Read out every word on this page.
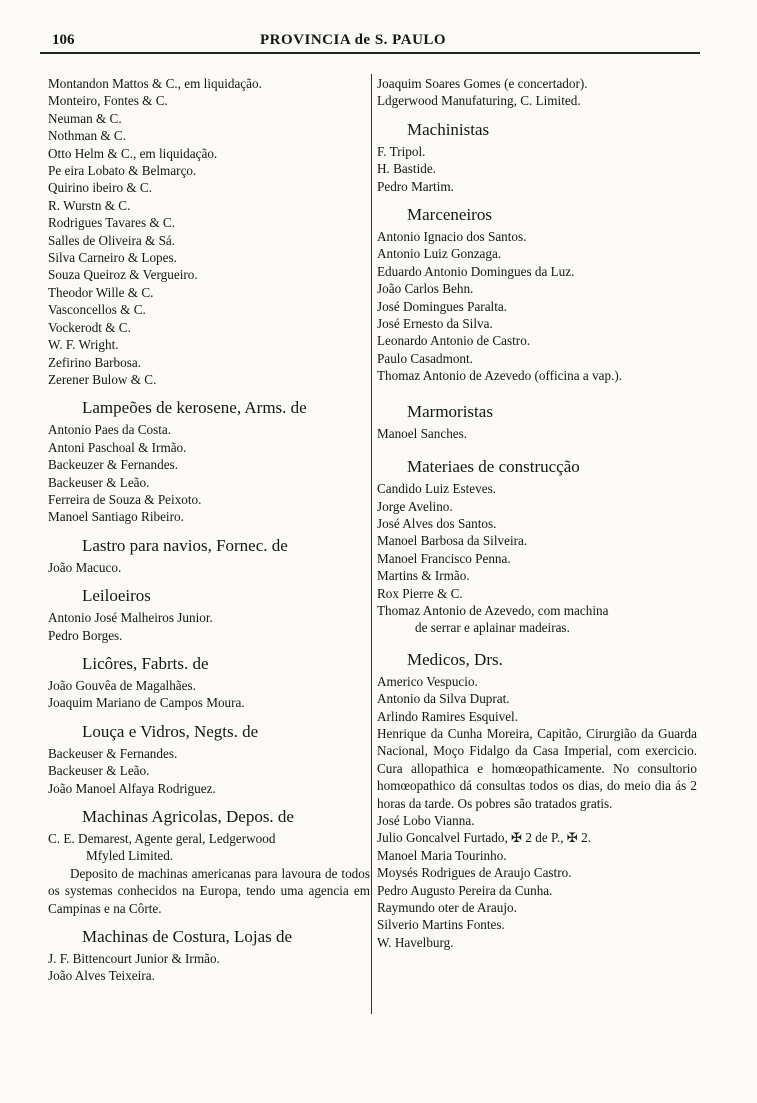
106	PROVINCIA de S. PAULO
Montandon Mattos & C., em liquidação.
Monteiro, Fontes & C.
Neuman & C.
Nothman & C.
Otto Helm & C., em liquidação.
Pe eira Lobato & Belmarço.
Quirino ibeiro & C.
R. Wurstn & C.
Rodrigues Tavares & C.
Salles de Oliveira & Sá.
Silva Carneiro & Lopes.
Souza Queiroz & Vergueiro.
Theodor Wille & C.
Vasconcellos & C.
Vockerodt & C.
W. F. Wright.
Zefirino Barbosa.
Zerener Bulow & C.
Lampeões de kerosene, Arms. de
Antonio Paes da Costa.
Antoni Paschoal & Irmão.
Backeuzer & Fernandes.
Backeuser & Leão.
Ferreira de Souza & Peixoto.
Manoel Santiago Ribeiro.
Lastro para navios, Fornec. de
João Macuco.
Leiloeiros
Antonio José Malheiros Junior.
Pedro Borges.
Licôres, Fabrts. de
João Gouvêa de Magalhães.
Joaquim Mariano de Campos Moura.
Louça e Vidros, Negts. de
Backeuser & Fernandes.
Backeuser & Leão.
João Manoel Alfaya Rodriguez.
Machinas Agricolas, Depos. de
C. E. Demarest, Agente geral, Ledgerwood
Mfyled Limited.
Deposito de machinas americanas para lavoura de todos os systemas conhecidos na Europa, tendo uma agencia em Campinas e na Côrte.
Machinas de Costura, Lojas de
J. F. Bittencourt Junior & Irmão.
João Alves Teixeira.
Joaquim Soares Gomes (e concertador).
Ldgerwood Manufaturing, C. Limited.
Machinistas
F. Tripol.
H. Bastide.
Pedro Martim.
Marceneiros
Antonio Ignacio dos Santos.
Antonio Luiz Gonzaga.
Eduardo Antonio Domingues da Luz.
João Carlos Behn.
José Domingues Paralta.
José Ernesto da Silva.
Leonardo Antonio de Castro.
Paulo Casadmont.
Thomaz Antonio de Azevedo (officina a vap.).
Marmoristas
Manoel Sanches.
Materiaes de construcção
Candido Luiz Esteves.
Jorge Avelino.
José Alves dos Santos.
Manoel Barbosa da Silveira.
Manoel Francisco Penna.
Martins & Irmão.
Rox Pierre & C.
Thomaz Antonio de Azevedo, com machina
de serrar e aplainar madeiras.
Medicos, Drs.
Americo Vespucio.
Antonio da Silva Duprat.
Arlindo Ramires Esquivel.
Henrique da Cunha Moreira, Capitão, Cirurgião da Guarda Nacional, Moço Fidalgo da Casa Imperial, com exercicio. Cura allopathica e homœopathicamente. No consultorio homœopathico dá consultas todos os dias, do meio dia ás 2 horas da tarde. Os pobres são tratados gratis.
José Lobo Vianna.
Julio Goncalvel Furtado, ✠ 2 de P., ✠ 2.
Manoel Maria Tourinho.
Moysés Rodrigues de Araujo Castro.
Pedro Augusto Pereira da Cunha.
Raymundo oter de Araujo.
Silverio Martins Fontes.
W. Havelburg.
